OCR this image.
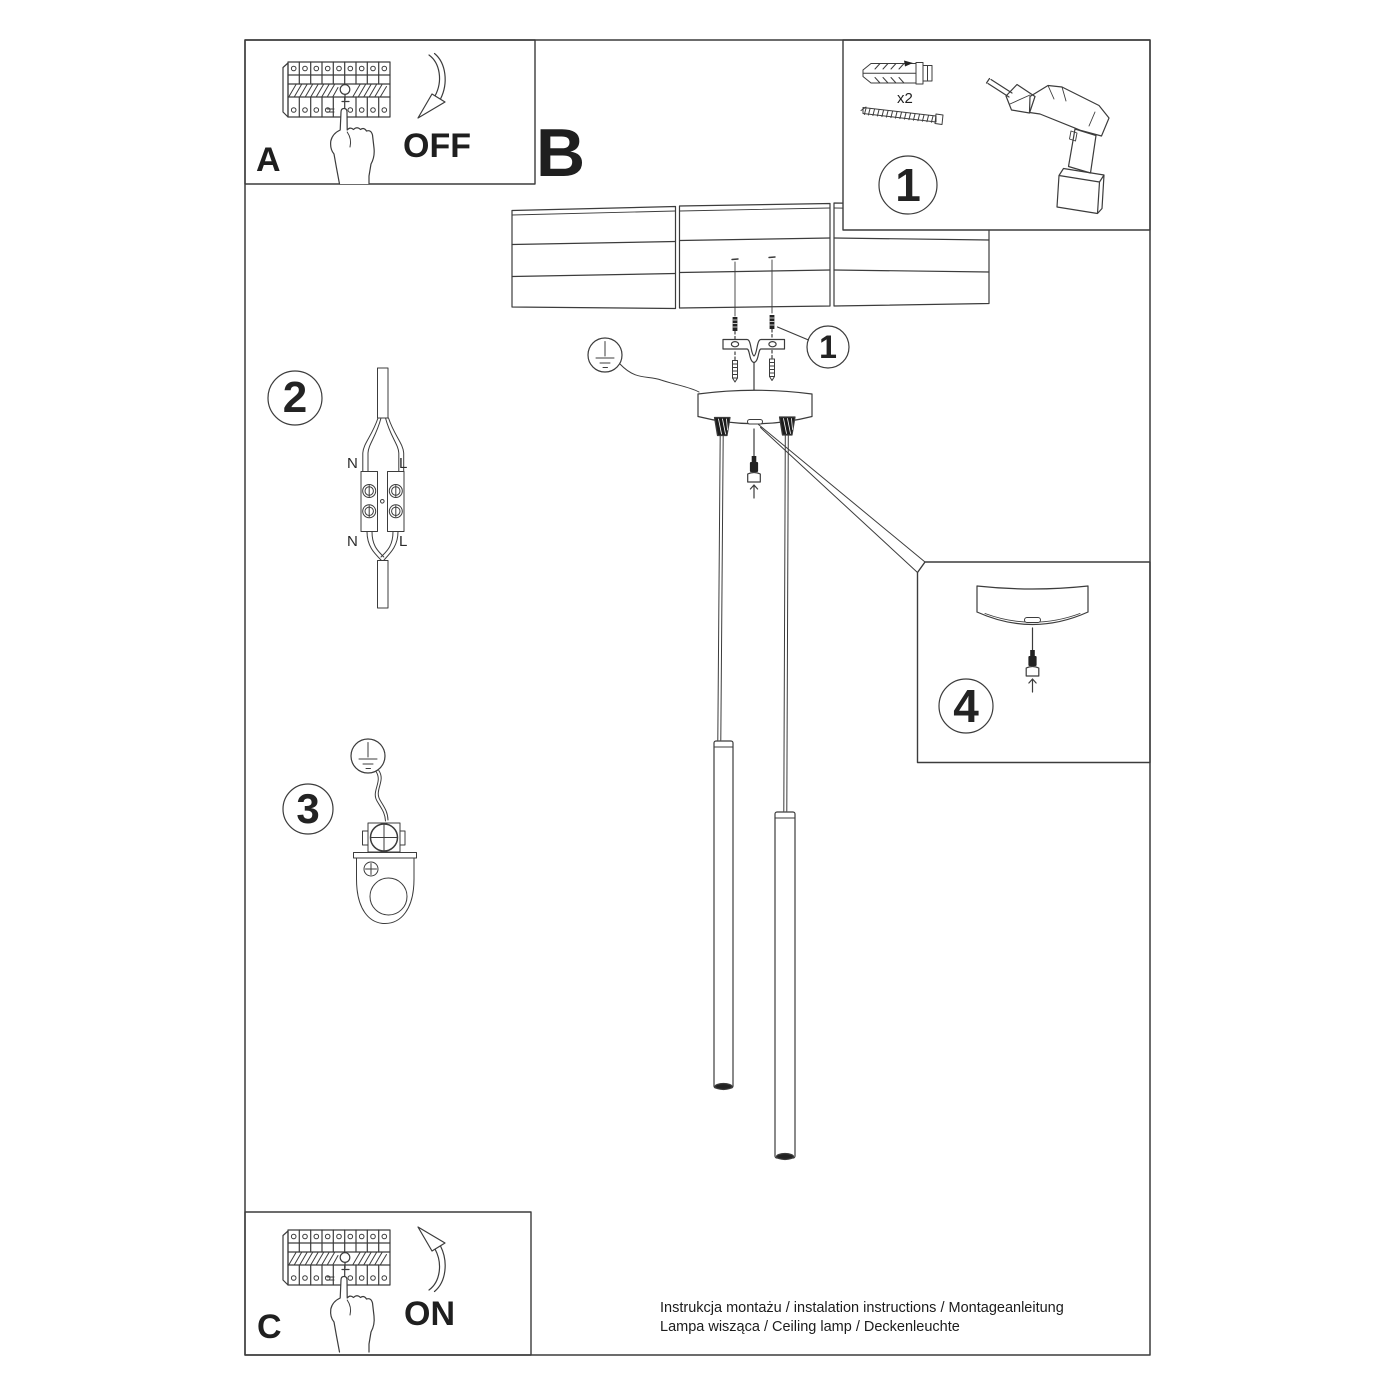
A	OFF B
C	ON
x2
1
1
2
3
4
N	L
N	L
Instrukcja montażu / instalation instructions / Montageanleitung
Lampa wisząca / Ceiling lamp / Deckenleuchte
